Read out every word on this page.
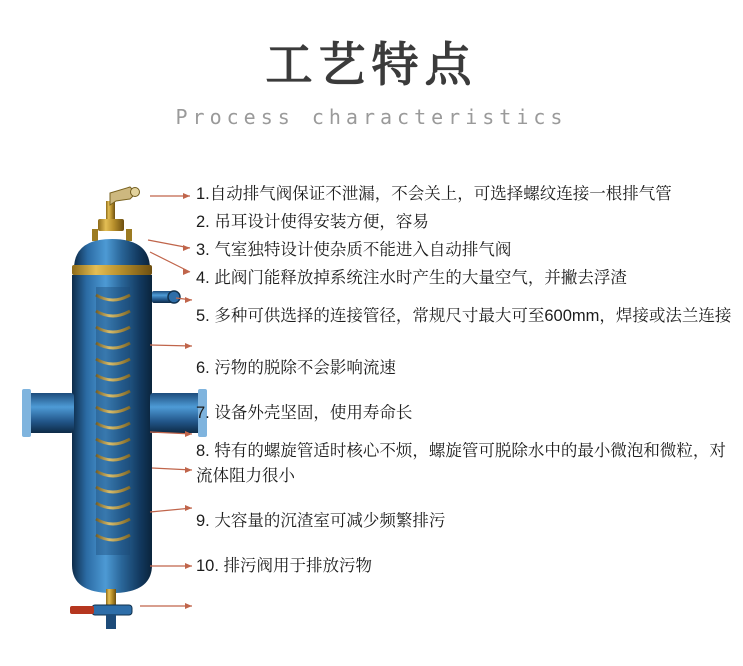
工艺特点
Process characteristics
1.自动排气阀保证不泄漏，不会关上，可选择螺纹连接一根排气管
2. 吊耳设计使得安装方便，容易
3. 气室独特设计使杂质不能进入自动排气阀
4. 此阀门能释放掉系统注水时产生的大量空气，并撇去浮渣
5. 多种可供选择的连接管径，常规尺寸最大可至600mm，焊接或法兰连接
6. 污物的脱除不会影响流速
7. 设备外壳坚固，使用寿命长
8. 特有的螺旋管适时核心不烦，螺旋管可脱除水中的最小微泡和微粒，对流体阻力很小
9. 大容量的沉渣室可减少频繁排污
10. 排污阀用于排放污物
